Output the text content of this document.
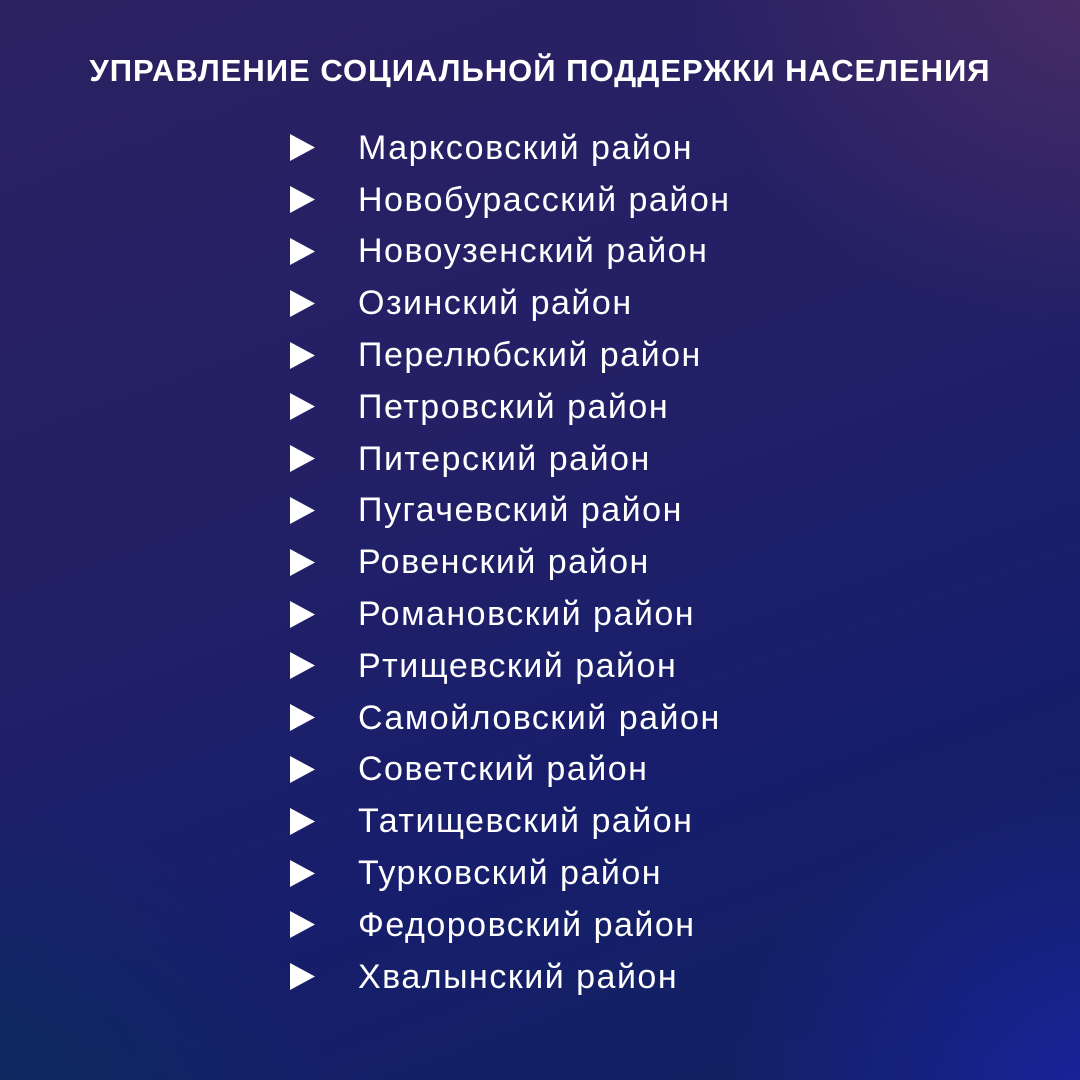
УПРАВЛЕНИЕ СОЦИАЛЬНОЙ ПОДДЕРЖКИ НАСЕЛЕНИЯ
Марксовский район
Новобурасский район
Новоузенский район
Озинский район
Перелюбский район
Петровский район
Питерский район
Пугачевский район
Ровенский район
Романовский район
Ртищевский район
Самойловский район
Советский район
Татищевский район
Турковский район
Федоровский район
Хвалынский район
